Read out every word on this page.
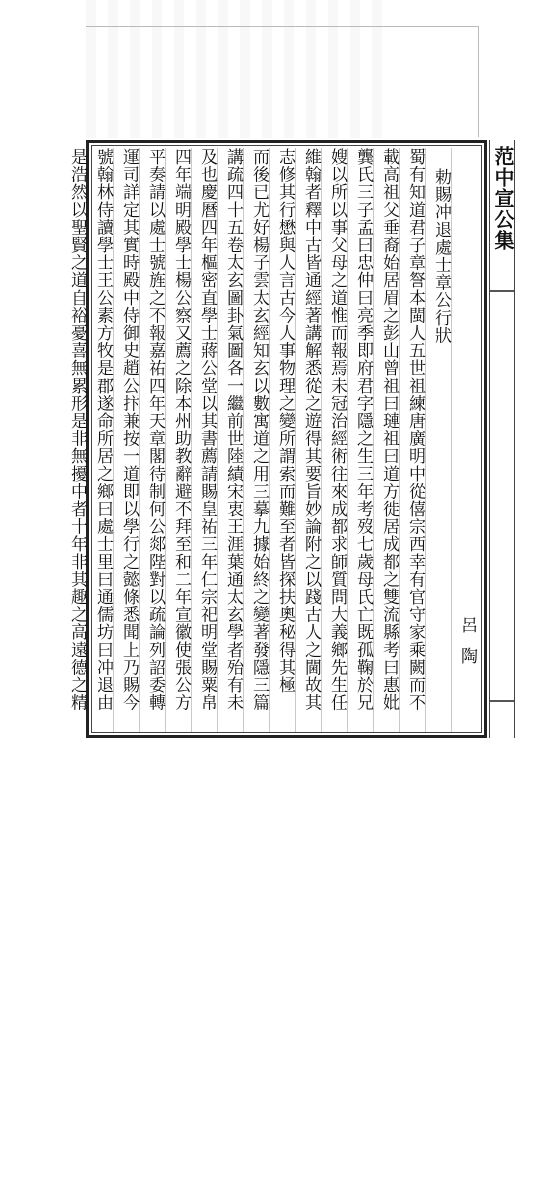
范中宣公集
呂陶
勅賜冲退處士章公行狀
蜀有知道君子章詧本閩人五世祖練唐廣明中從僖宗西幸有官守家乘闕而不
載高祖父垂裔始居眉之彭山曾祖曰璉祖曰道方徙居成都之雙流縣考曰惠妣
龔氏三子孟曰忠仲曰亮季即府君字隱之生三年考歿七歲母氏亡既孤鞠於兄
嫂以所以事父母之道惟而報焉未冠治經術往來成都求師質問大義鄉先生任
維翰者釋中古皆通經著講解悉從之遊得其要旨妙論附之以踐古人之閫故其
志修其行懋與人言古今人事物理之變所謂索而難至者皆探扶奧秘得其極
而後已尤好楊子雲太玄經知玄以數寓道之用三摹九據始終之變著發隱三篇
講疏四十五卷太玄圖卦氣圖各一繼前世陸績宋衷王涯葉通太玄學者殆有未
及也慶曆四年樞密直學士蔣公堂以其書薦請賜皇祐三年仁宗祀明堂賜粟帛
四年端明殿學士楊公察又薦之除本州助教辭避不拜至和二年宣徽使張公方
平奏請以處士號旌之不報嘉祐四年天章閣待制何公郯陛對以疏論列詔委轉
運司詳定其實時殿中侍御史趙公抃兼按一道即以學行之懿條悉聞上乃賜今
號翰林侍讀學士王公素方牧是郡遂命所居之鄉曰處士里曰通儒坊曰冲退由
是浩然以聖賢之道自裕憂喜無累形是非無擾中者十年非其趣之高遠德之精
